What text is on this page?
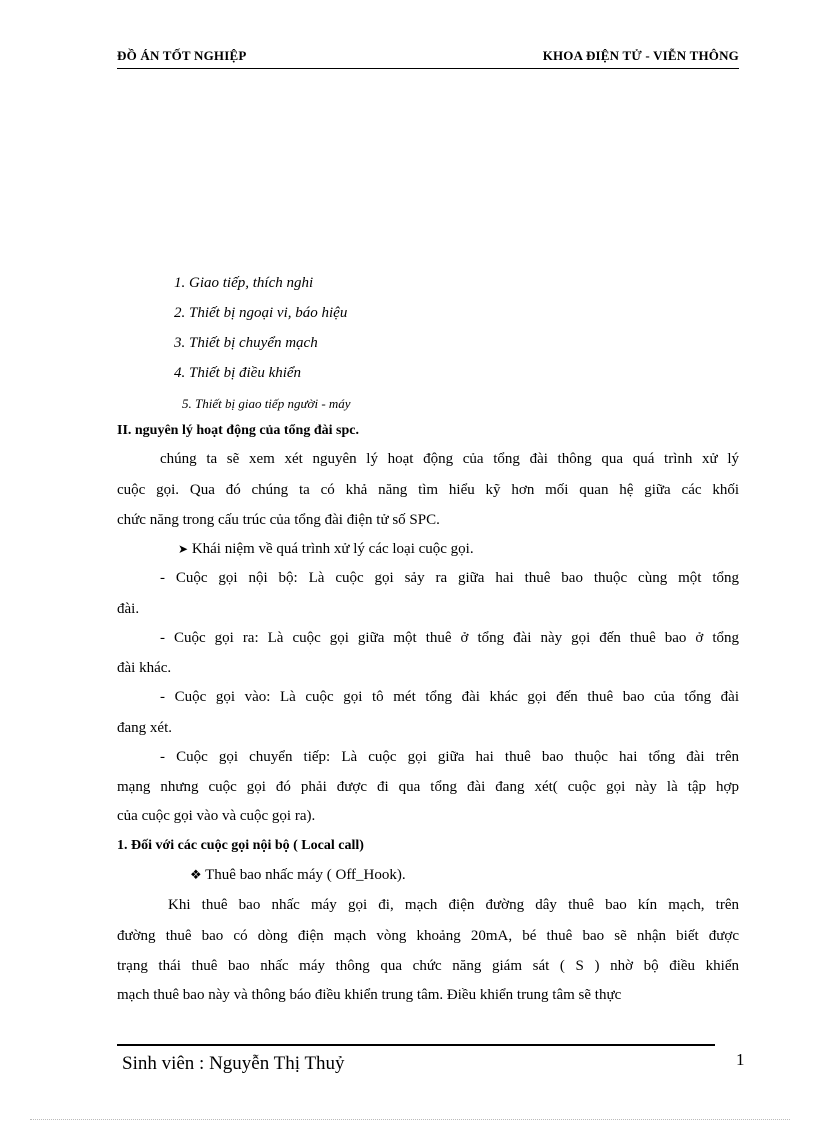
ĐỒ ÁN TỐT NGHIỆP	KHOA ĐIỆN TỬ - VIỄN THÔNG
1. Giao tiếp, thích nghi
2. Thiết bị ngoại vi, báo hiệu
3. Thiết bị chuyển mạch
4. Thiết bị điều khiển
5. Thiết bị giao tiếp người - máy
II. nguyên lý hoạt động của tổng đài spc.
chúng ta sẽ xem xét nguyên lý hoạt động của tổng đài thông qua quá trình xử lý
cuộc gọi. Qua đó chúng ta có khả năng tìm hiểu kỹ hơn mối quan hệ giữa các khối
chức năng trong cấu trúc của tổng đài điện tử số SPC.
➤ Khái niệm về quá trình xử lý các loại cuộc gọi.
- Cuộc gọi nội bộ: Là cuộc gọi sảy ra giữa hai thuê bao thuộc cùng một tổng
đài.
- Cuộc gọi ra: Là cuộc gọi giữa một thuê ở tổng đài này gọi đến thuê bao ở tổng
đài khác.
- Cuộc gọi vào: Là cuộc gọi tô mét tổng đài khác gọi đến thuê bao của tổng đài
đang xét.
- Cuộc gọi chuyển tiếp: Là cuộc gọi giữa hai thuê bao thuộc hai tổng đài trên
mạng nhưng cuộc gọi đó phải được đi qua tổng đài đang xét( cuộc gọi này là tập hợp
của cuộc gọi vào và cuộc gọi ra).
1. Đối với các cuộc gọi nội bộ ( Local call)
❖ Thuê bao nhấc máy ( Off_Hook).
Khi thuê bao nhấc máy gọi đi, mạch điện đường dây thuê bao kín mạch, trên
đường thuê bao có dòng điện mạch vòng khoảng 20mA, bé thuê bao sẽ nhận biết được
trạng thái thuê bao nhấc máy thông qua chức năng giám sát ( S ) nhờ bộ điều khiển
mạch thuê bao này và thông báo điều khiển trung tâm. Điều khiển trung tâm sẽ thực
Sinh viên : Nguyễn Thị Thuỷ	1
